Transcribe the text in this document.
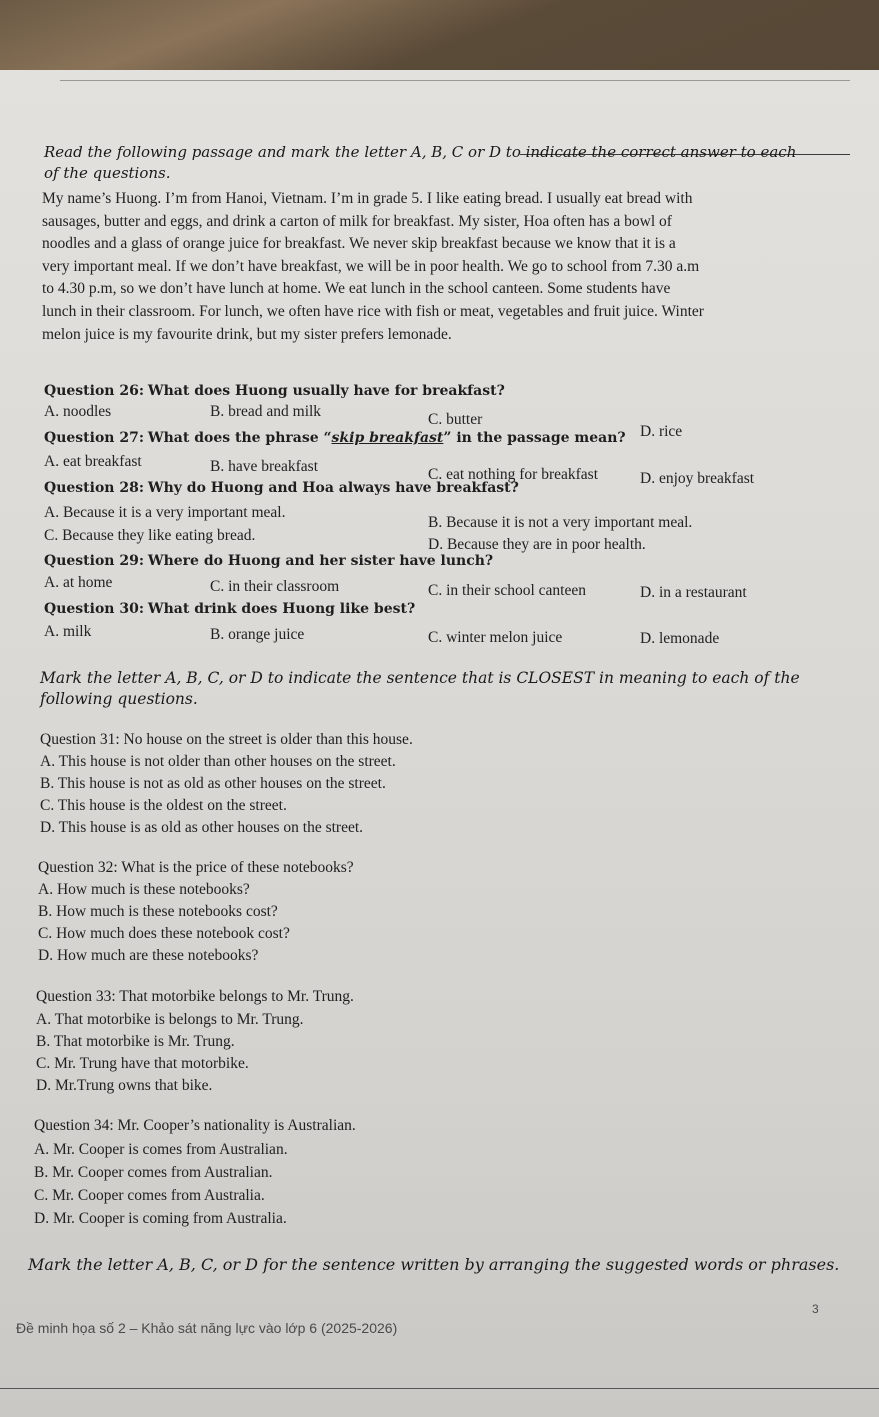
Read the following passage and mark the letter A, B, C or D to indicate the correct answer to each of the questions.
My name’s Huong. I’m from Hanoi, Vietnam. I’m in grade 5. I like eating bread. I usually eat bread with
sausages, butter and eggs, and drink a carton of milk for breakfast. My sister, Hoa often has a bowl of
noodles and a glass of orange juice for breakfast. We never skip breakfast because we know that it is a
very important meal. If we don’t have breakfast, we will be in poor health. We go to school from 7.30 a.m
to 4.30 p.m, so we don’t have lunch at home. We eat lunch in the school canteen. Some students have
lunch in their classroom. For lunch, we often have rice with fish or meat, vegetables and fruit juice. Winter
melon juice is my favourite drink, but my sister prefers lemonade.
Question 26: What does Huong usually have for breakfast?
A. noodles	B. bread and milk	C. butter
D. rice
Question 27: What does the phrase “skip breakfast” in the passage mean?
A. eat breakfast	B. have breakfast	C. eat nothing for breakfast	D. enjoy breakfast
Question 28: Why do Huong and Hoa always have breakfast?
A. Because it is a very important meal.
B. Because it is not a very important meal.
C. Because they like eating bread.
D. Because they are in poor health.
Question 29: Where do Huong and her sister have lunch?
A. at home	C. in their classroom	C. in their school canteen	D. in a restaurant
Question 30: What drink does Huong like best?
A. milk	B. orange juice	C. winter melon juice	D. lemonade
Mark the letter A, B, C, or D to indicate the sentence that is CLOSEST in meaning to each of the following questions.
Question 31: No house on the street is older than this house.
A. This house is not older than other houses on the street.
B. This house is not as old as other houses on the street.
C. This house is the oldest on the street.
D. This house is as old as other houses on the street.
Question 32: What is the price of these notebooks?
A. How much is these notebooks?
B. How much is these notebooks cost?
C. How much does these notebook cost?
D. How much are these notebooks?
Question 33: That motorbike belongs to Mr. Trung.
A. That motorbike is belongs to Mr. Trung.
B. That motorbike is Mr. Trung.
C. Mr. Trung have that motorbike.
D. Mr.Trung owns that bike.
Question 34: Mr. Cooper’s nationality is Australian.
A. Mr. Cooper is comes from Australian.
B. Mr. Cooper comes from Australian.
C. Mr. Cooper comes from Australia.
D. Mr. Cooper is coming from Australia.
Mark the letter A, B, C, or D for the sentence written by arranging the suggested words or phrases.
3
Đề minh họa số 2 – Khảo sát năng lực vào lớp 6 (2025-2026)
